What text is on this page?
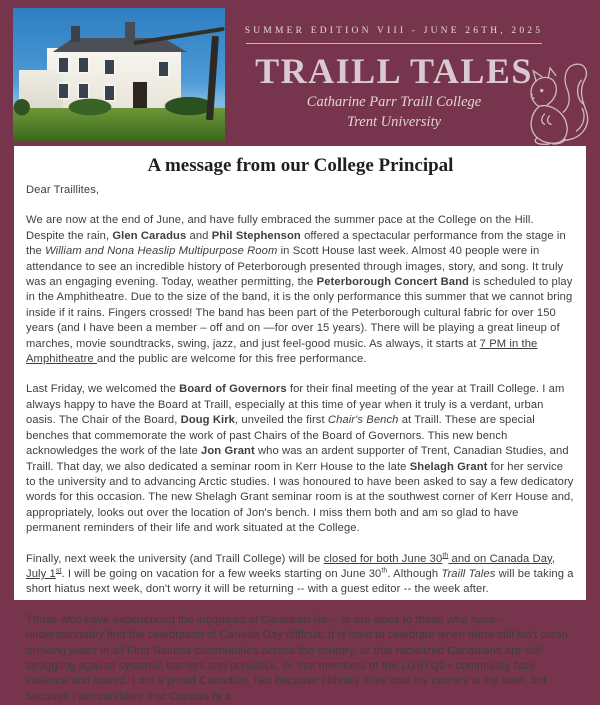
SUMMER EDITION VIII - JUNE 26TH, 2025
TRAILL TALES
Catharine Parr Traill College
Trent University
A message from our College Principal

Dear Traillites,

We are now at the end of June, and have fully embraced the summer pace at the College on the Hill. Despite the rain, Glen Caradus and Phil Stephenson offered a spectacular performance from the stage in the William and Nona Heaslip Multipurpose Room in Scott House last week. Almost 40 people were in attendance to see an incredible history of Peterborough presented through images, story, and song. It truly was an engaging evening. Today, weather permitting, the Peterborough Concert Band is scheduled to play in the Amphitheatre. Due to the size of the band, it is the only performance this summer that we cannot bring inside if it rains. Fingers crossed! The band has been part of the Peterborough cultural fabric for over 150 years (and I have been a member – off and on —for over 15 years). There will be playing a great lineup of marches, movie soundtracks, swing, jazz, and just feel-good music. As always, it starts at 7 PM in the Amphitheatre and the public are welcome for this free performance.

Last Friday, we welcomed the Board of Governors for their final meeting of the year at Traill College. I am always happy to have the Board at Traill, especially at this time of year when it truly is a verdant, urban oasis. The Chair of the Board, Doug Kirk, unveiled the first Chair's Bench at Traill. These are special benches that commemorate the work of past Chairs of the Board of Governors. This new bench acknowledges the work of the late Jon Grant who was an ardent supporter of Trent, Canadian Studies, and Traill. That day, we also dedicated a seminar room in Kerr House to the late Shelagh Grant for her service to the university and to advancing Arctic studies. I was honoured to have been asked to say a few dedicatory words for this occasion. The new Shelagh Grant seminar room is at the southwest corner of Kerr House and, appropriately, looks out over the location of Jon's bench. I miss them both and am so glad to have permanent reminders of their life and work situated at the College.

Finally, next week the university (and Traill College) will be closed for both June 30th and on Canada Day, July 1st. I will be going on vacation for a few weeks starting on June 30th. Although Traill Tales will be taking a short hiatus next week, don't worry it will be returning -- with a guest editor -- the week after.

Those who have experienced the inequities of Canadian life – or are allies to those who have – understandably find the celebration of Canada Day difficult. It is hard to celebrate when there still isn't clean drinking water in all First Nations communities across the country, or that racialized Canadians are still struggling against systemic barriers and prejudice, or that members of the LGBTQ2+ community face violence and hatred. I am a proud Canadian. Not because I blindly think that my country is the best, but because I am confident that Canada is a
